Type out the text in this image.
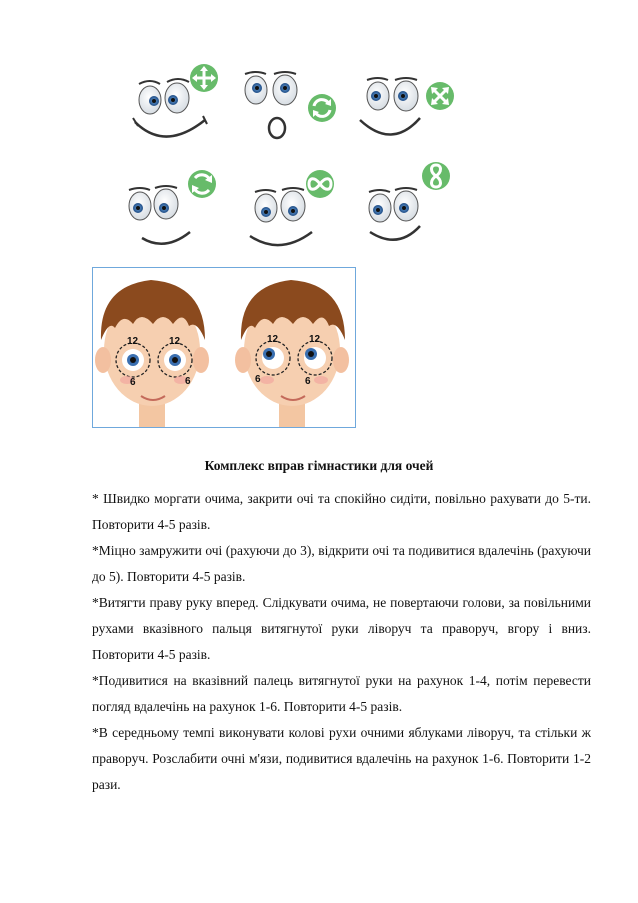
12
6
12
6
12
6
12
6
Комплекс вправ гімнастики для очей

* Швидко моргати очима, закрити очі та спокійно сидіти, повільно рахувати до 5-ти. Повторити 4-5 разів.

*Міцно замружити очі (рахуючи до 3), відкрити очі та подивитися вдалечінь (рахуючи до 5). Повторити 4-5 разів.

*Витягти праву руку вперед. Слідкувати очима, не повертаючи голови, за повільними рухами вказівного пальця витягнутої руки ліворуч та праворуч, вгору і вниз. Повторити 4-5 разів.

*Подивитися на вказівний палець витягнутої руки на рахунок 1-4, потім перевести погляд вдалечінь на рахунок 1-6. Повторити 4-5 разів.

*В середньому темпі виконувати колові рухи очними яблуками ліворуч, та стільки ж праворуч. Розслабити очні м'язи, подивитися вдалечінь на рахунок 1-6. Повторити 1-2 рази.
